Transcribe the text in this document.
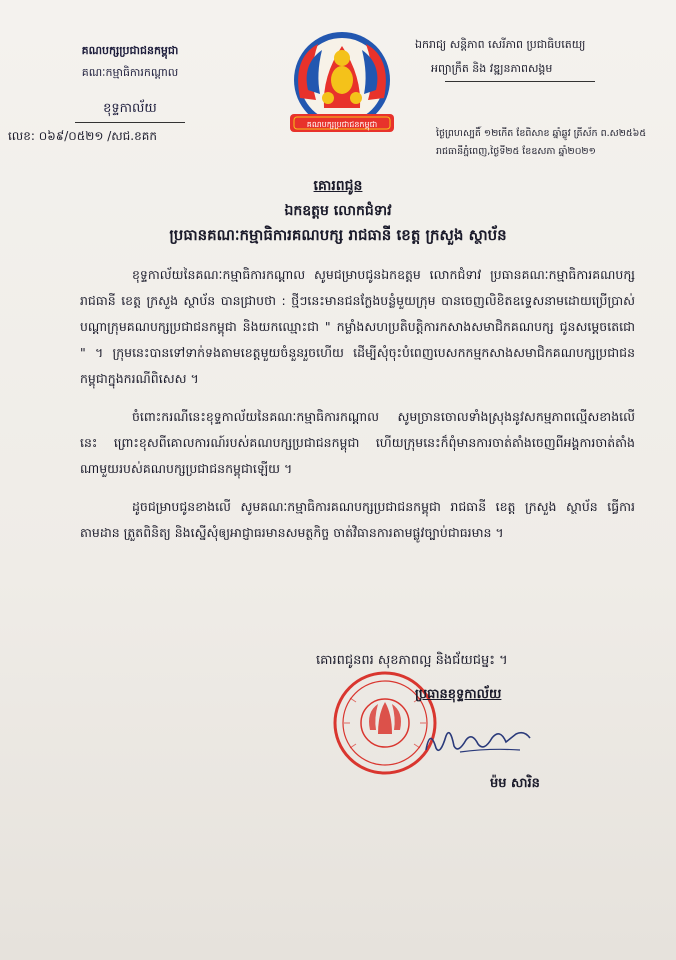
គណបក្សប្រជាជនកម្ពុជា
គណៈកម្មាធិការកណ្តាល
ខុទ្ទកាល័យ
លេខ: ០៦៩/០៥២១ /សជ.ខគក
គណបក្សប្រជាជនកម្ពុជា
ឯករាជ្យ សន្តិភាព សេរីភាព ប្រជាធិបតេយ្យ
អព្យាក្រឹត និង វឌ្ឍនភាពសង្គម
ថ្ងៃព្រហស្បតិ៍ ១២កើត ខែពិសាខ ឆ្នាំឆ្លូវ ត្រីស័ក ព.ស២៥៦៥
រាជធានីភ្នំពេញ,ថ្ងៃទី២៥ ខែឧសភា ឆ្នាំ២០២១
គោរពជូន
ឯកឧត្តម លោកជំទាវ
ប្រធានគណៈកម្មាធិការគណបក្ស រាជធានី ខេត្ត ក្រសួង ស្ថាប័ន

ខុទ្ទកាល័យនៃគណៈកម្មាធិការកណ្តាល សូមជម្រាបជូនឯកឧត្តម លោកជំទាវ ប្រធានគណៈកម្មាធិការគណបក្ស រាជធានី ខេត្ត ក្រសួង ស្ថាប័ន បានជ្រាបថា : ថ្មីៗនេះមានជនក្លែងបន្លំមួយក្រុម បានចេញលិខិតឧទ្ទេសនាមដោយប្រើប្រាស់បណ្តាក្រុមគណបក្សប្រជាជនកម្ពុជា និងយកឈ្មោះជា " កម្លាំងសហប្រតិបត្តិការកសាងសមាជិកគណបក្ស ជូនសម្តេចតេជោ " ។ ក្រុមនេះបានទៅទាក់ទងតាមខេត្តមួយចំនួនរួចហើយ ដើម្បីសុំចុះបំពេញបេសកកម្មកសាងសមាជិកគណបក្សប្រជាជនកម្ពុជាក្នុងករណីពិសេស ។

ចំពោះករណីនេះខុទ្ទកាល័យនៃគណៈកម្មាធិការកណ្តាល សូមច្រានចោលទាំងស្រុងនូវសកម្មភាពល្មើសខាងលើនេះ ព្រោះខុសពីគោលការណ៍របស់គណបក្សប្រជាជនកម្ពុជា ហើយក្រុមនេះក៏ពុំមានការចាត់តាំងចេញពីអង្គការចាត់តាំងណាមួយរបស់គណបក្សប្រជាជនកម្ពុជាឡើយ ។

ដូចជម្រាបជូនខាងលើ សូមគណៈកម្មាធិការគណបក្សប្រជាជនកម្ពុជា រាជធានី ខេត្ត ក្រសួង ស្ថាប័ន ធ្វើការតាមដាន ត្រួតពិនិត្យ និងស្នើសុំឲ្យអាជ្ញាធរមានសមត្ថកិច្ច ចាត់វិធានការតាមផ្លូវច្បាប់ជាធរមាន ។

គោរពជូនពរ សុខភាពល្អ និងជ័យជម្នះ ។
ប្រធានខុទ្ទកាល័យ
ម៉ម សារិន
